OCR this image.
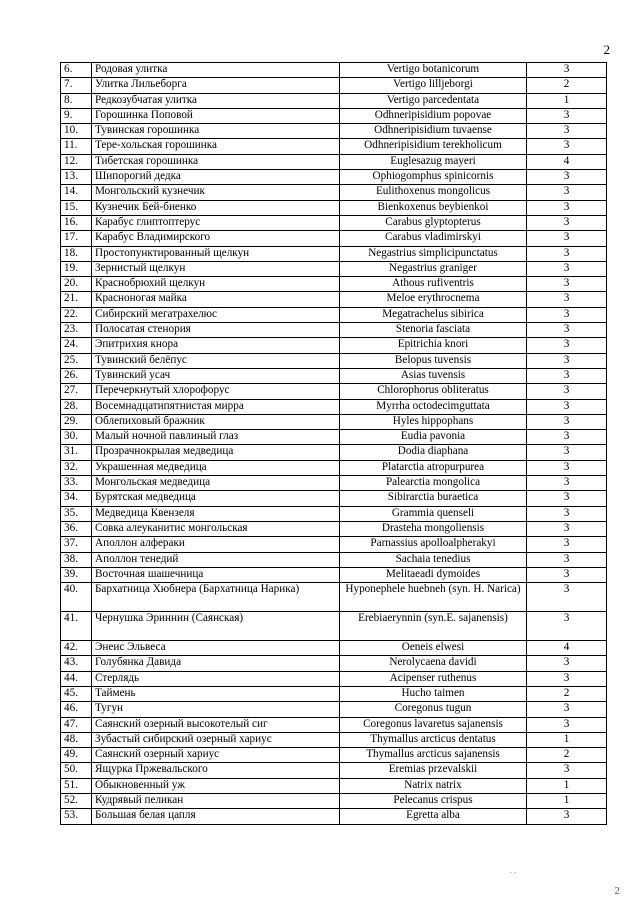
2
6.	Родовая улитка	Vertigo botanicorum	3
7.	Улитка Лильеборга	Vertigo lilljeborgi	2
8.	Редкозубчатая улитка	Vertigo parcedentata	1
9.	Горошинка Поповой	Odhneripisidium popovae	3
10.	Тувинская горошинка	Odhneripisidium tuvaense	3
11.	Тере-хольская горошинка	Odhneripisidium terekholicum	3
12.	Тибетская горошинка	Euglesazug mayeri	4
13.	Шипорогий дедка	Ophiogomphus spinicornis	3
14.	Монгольский кузнечик	Eulithoxenus mongolicus	3
15.	Кузнечик Бей-биенко	Bienkoxenus beybienkoi	3
16.	Карабус глиптоптерус	Carabus glyptopterus	3
17.	Карабус Владимирского	Carabus vladimirskyi	3
18.	Простопунктированный щелкун	Negastrius simplicipunctatus	3
19.	Зернистый щелкун	Negastrius graniger	3
20.	Краснобрюхий щелкун	Athous rufiventris	3
21.	Красноногая майка	Meloe erythrocnema	3
22.	Сибирский мегатрахелюс	Megatrachelus sibirica	3
23.	Полосатая стенория	Stenoria fasciata	3
24.	Эпитрихия кнора	Epitrichia knori	3
25.	Тувинский белёпус	Belopus tuvensis	3
26.	Тувинский усач	Asias tuvensis	3
27.	Перечеркнутый хлорофорус	Chlorophorus obliteratus	3
28.	Восемнадцатипятнистая мирра	Myrrha octodecimguttata	3
29.	Облепиховый бражник	Hyles hippophans	3
30.	Малый ночной павлиный глаз	Eudia pavonia	3
31.	Прозрачнокрылая медведица	Dodia diaphana	3
32.	Украшенная медведица	Platarctia atropurpurea	3
33.	Монгольская медведица	Palearctia mongolica	3
34.	Бурятская медведица	Sibirarctia buraetica	3
35.	Медведица Квензеля	Grammia quenseli	3
36.	Совка алеуканитис монгольская	Drasteha mongoliensis	3
37.	Аполлон алфераки	Parnassius apolloalpherakyi	3
38.	Аполлон тенедий	Sachaia tenedius	3
39.	Восточная шашечница	Melitaeadi dymoides	3
40.	Бархатница Хюбнера (Бархатница Нарика)	Hyponephele huebneh (syn. H. Narica)	3
41.	Чернушка Эриннин (Саянская)	Erebiaerynnin (syn.E. sajanensis)	3
42.	Энеис Эльвеса	Oeneis elwesi	4
43.	Голубянка Давида	Nerolycaena davidi	3
44.	Стерлядь	Acipenser ruthenus	3
45.	Таймень	Hucho taimen	2
46.	Тугун	Coregonus tugun	3
47.	Саянский озерный высокотелый сиг	Coregonus lavaretus sajanensis	3
48.	Зубастый сибирский озерный хариус	Thymallus arcticus dentatus	1
49.	Саянский озерный хариус	Thymallus arcticus sajanensis	2
50.	Ящурка Пржевальского	Eremias przevalskii	3
51.	Обыкновенный уж	Natrix natrix	1
52.	Кудрявый пеликан	Pelecanus crispus	1
53.	Большая белая цапля	Egretta alba	3
. .
2
